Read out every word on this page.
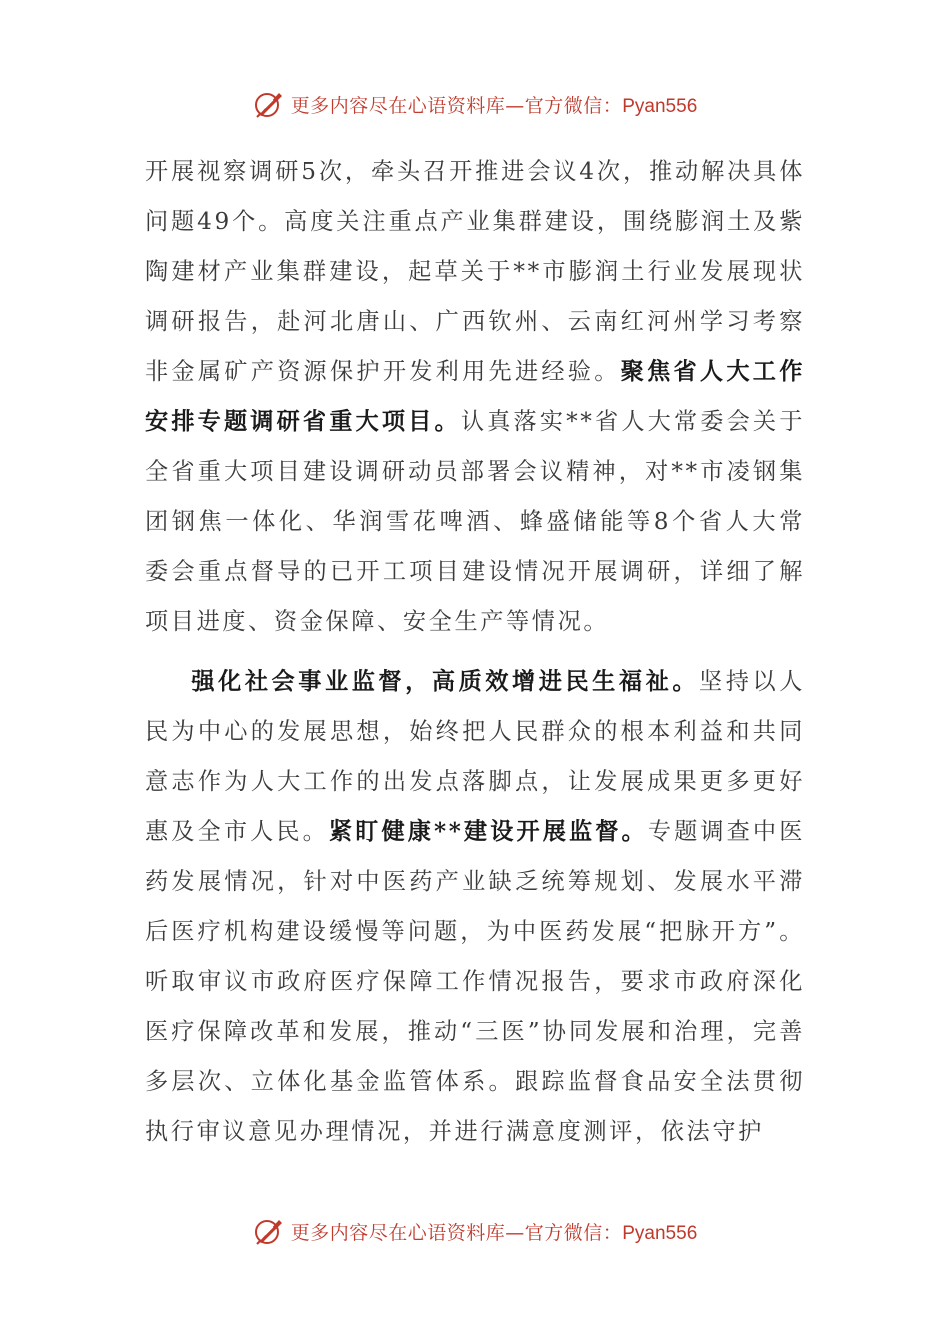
更多内容尽在心语资料库—官方微信：Pyan556

开展视察调研5次，牵头召开推进会议4次，推动解决具体问题49个。高度关注重点产业集群建设，围绕膨润土及紫陶建材产业集群建设，起草关于**市膨润土行业发展现状调研报告，赴河北唐山、广西钦州、云南红河州学习考察非金属矿产资源保护开发利用先进经验。聚焦省人大工作安排专题调研省重大项目。认真落实**省人大常委会关于全省重大项目建设调研动员部署会议精神，对**市凌钢集团钢焦一体化、华润雪花啤酒、蜂盛储能等8个省人大常委会重点督导的已开工项目建设情况开展调研，详细了解项目进度、资金保障、安全生产等情况。

强化社会事业监督，高质效增进民生福祉。坚持以人民为中心的发展思想，始终把人民群众的根本利益和共同意志作为人大工作的出发点落脚点，让发展成果更多更好惠及全市人民。紧盯健康**建设开展监督。专题调查中医药发展情况，针对中医药产业缺乏统筹规划、发展水平滞后医疗机构建设缓慢等问题，为中医药发展“把脉开方”。听取审议市政府医疗保障工作情况报告，要求市政府深化医疗保障改革和发展，推动“三医”协同发展和治理，完善多层次、立体化基金监管体系。跟踪监督食品安全法贯彻执行审议意见办理情况，并进行满意度测评，依法守护

更多内容尽在心语资料库—官方微信：Pyan556
